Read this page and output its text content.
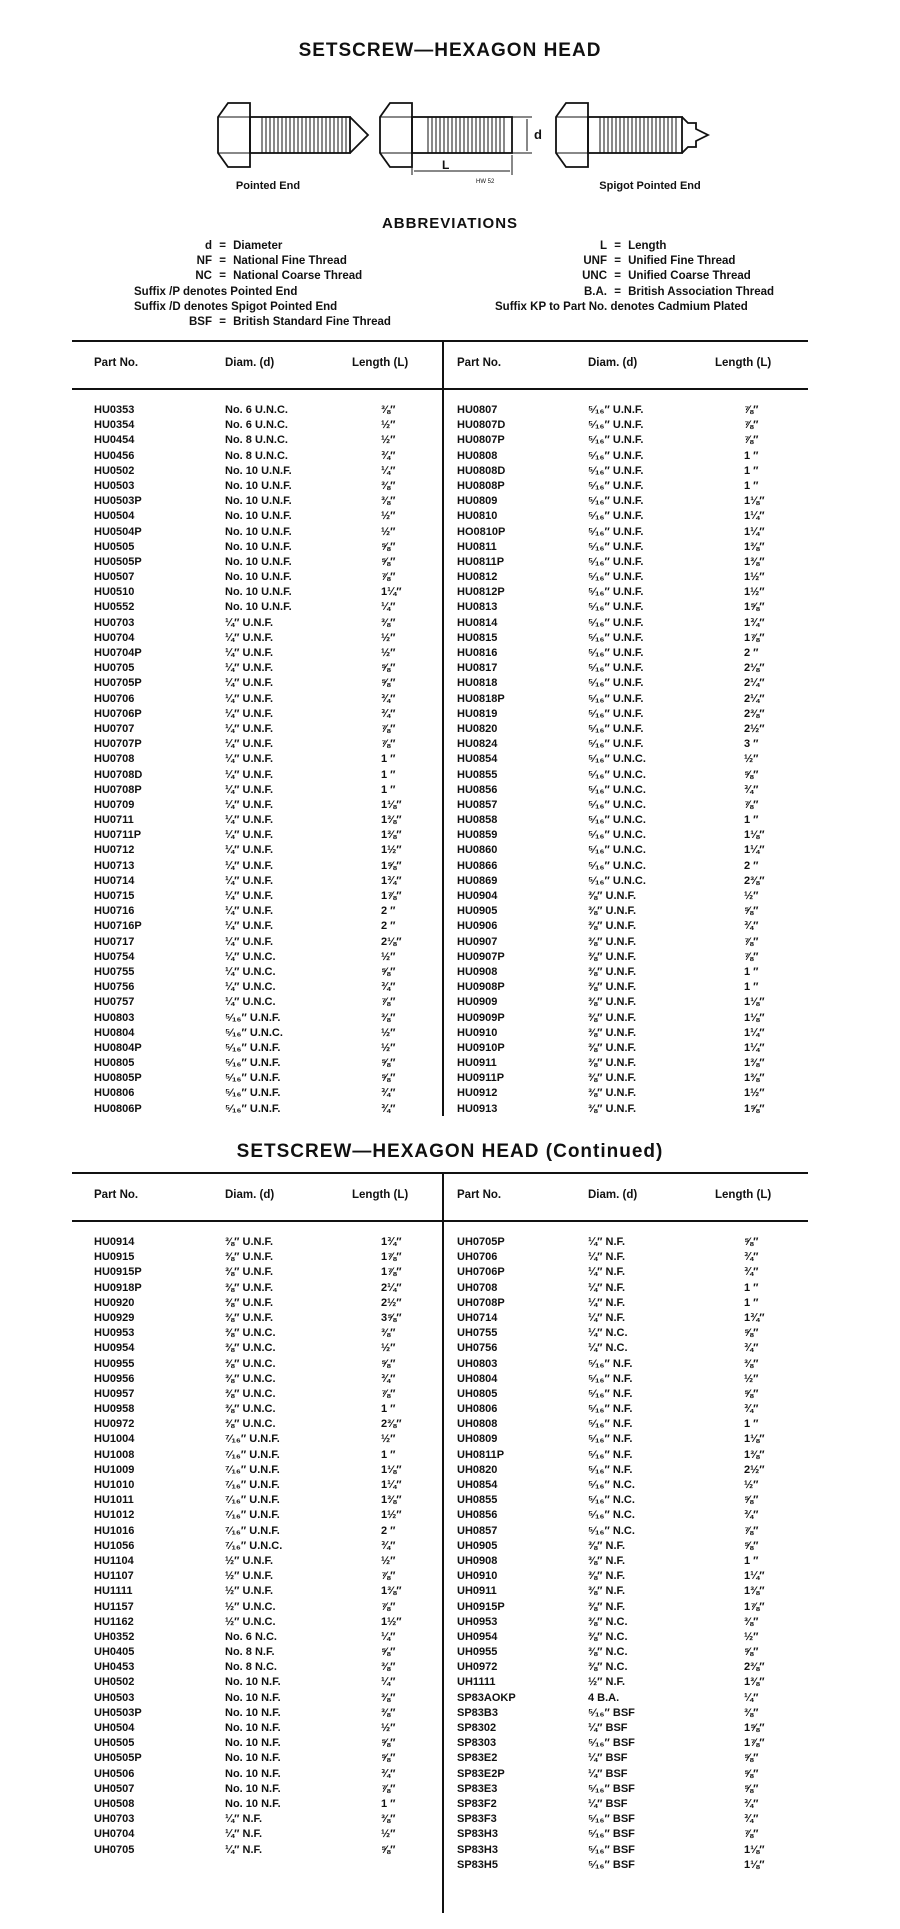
SETSCREW—HEXAGON HEAD
Pointed End
d
L
HW 52	Spigot Pointed End
ABBREVIATIONS
d = Diameter
NF = National Fine Thread
NC = National Coarse Thread
Suffix /P denotes Pointed End
Suffix /D denotes Spigot Pointed End
BSF = British Standard Fine Thread
L = Length
UNF = Unified Fine Thread
UNC = Unified Coarse Thread
B.A. = British Association Thread
Suffix KP to Part No. denotes Cadmium Plated
Part No.	Diam. (d)	Length (L)
HU0353	No. 6 U.N.C.	⅜″
HU0354	No. 6 U.N.C.	½″
HU0454	No. 8 U.N.C.	½″
HU0456	No. 8 U.N.C.	¾″
HU0502	No. 10 U.N.F.	¼″
HU0503	No. 10 U.N.F.	⅜″
HU0503P	No. 10 U.N.F.	⅜″
HU0504	No. 10 U.N.F.	½″
HU0504P	No. 10 U.N.F.	½″
HU0505	No. 10 U.N.F.	⅝″
HU0505P	No. 10 U.N.F.	⅝″
HU0507	No. 10 U.N.F.	⅞″
HU0510	No. 10 U.N.F.	1¼″
HU0552	No. 10 U.N.F.	¼″
HU0703	¼″ U.N.F.	⅜″
HU0704	¼″ U.N.F.	½″
HU0704P	¼″ U.N.F.	½″
HU0705	¼″ U.N.F.	⅝″
HU0705P	¼″ U.N.F.	⅝″
HU0706	¼″ U.N.F.	¾″
HU0706P	¼″ U.N.F.	¾″
HU0707	¼″ U.N.F.	⅞″
HU0707P	¼″ U.N.F.	⅞″
HU0708	¼″ U.N.F.	1 ″
HU0708D	¼″ U.N.F.	1 ″
HU0708P	¼″ U.N.F.	1 ″
HU0709	¼″ U.N.F.	1⅛″
HU0711	¼″ U.N.F.	1⅜″
HU0711P	¼″ U.N.F.	1⅜″
HU0712	¼″ U.N.F.	1½″
HU0713	¼″ U.N.F.	1⅝″
HU0714	¼″ U.N.F.	1¾″
HU0715	¼″ U.N.F.	1⅞″
HU0716	¼″ U.N.F.	2 ″
HU0716P	¼″ U.N.F.	2 ″
HU0717	¼″ U.N.F.	2⅛″
HU0754	¼″ U.N.C.	½″
HU0755	¼″ U.N.C.	⅝″
HU0756	¼″ U.N.C.	¾″
HU0757	¼″ U.N.C.	⅞″
HU0803	⁵⁄₁₆″ U.N.F.	⅜″
HU0804	⁵⁄₁₆″ U.N.C.	½″
HU0804P	⁵⁄₁₆″ U.N.F.	½″
HU0805	⁵⁄₁₆″ U.N.F.	⅝″
HU0805P	⁵⁄₁₆″ U.N.F.	⅝″
HU0806	⁵⁄₁₆″ U.N.F.	¾″
HU0806P	⁵⁄₁₆″ U.N.F.	¾″
Part No.	Diam. (d)	Length (L)
HU0807	⁵⁄₁₆″ U.N.F.	⅞″
HU0807D	⁵⁄₁₆″ U.N.F.	⅞″
HU0807P	⁵⁄₁₆″ U.N.F.	⅞″
HU0808	⁵⁄₁₆″ U.N.F.	1 ″
HU0808D	⁵⁄₁₆″ U.N.F.	1 ″
HU0808P	⁵⁄₁₆″ U.N.F.	1 ″
HU0809	⁵⁄₁₆″ U.N.F.	1⅛″
HU0810	⁵⁄₁₆″ U.N.F.	1¼″
HO0810P	⁵⁄₁₆″ U.N.F.	1¼″
HU0811	⁵⁄₁₆″ U.N.F.	1⅜″
HU0811P	⁵⁄₁₆″ U.N.F.	1⅜″
HU0812	⁵⁄₁₆″ U.N.F.	1½″
HU0812P	⁵⁄₁₆″ U.N.F.	1½″
HU0813	⁵⁄₁₆″ U.N.F.	1⅝″
HU0814	⁵⁄₁₆″ U.N.F.	1¾″
HU0815	⁵⁄₁₆″ U.N.F.	1⅞″
HU0816	⁵⁄₁₆″ U.N.F.	2 ″
HU0817	⁵⁄₁₆″ U.N.F.	2⅛″
HU0818	⁵⁄₁₆″ U.N.F.	2¼″
HU0818P	⁵⁄₁₆″ U.N.F.	2¼″
HU0819	⁵⁄₁₆″ U.N.F.	2⅜″
HU0820	⁵⁄₁₆″ U.N.F.	2½″
HU0824	⁵⁄₁₆″ U.N.F.	3 ″
HU0854	⁵⁄₁₆″ U.N.C.	½″
HU0855	⁵⁄₁₆″ U.N.C.	⅝″
HU0856	⁵⁄₁₆″ U.N.C.	¾″
HU0857	⁵⁄₁₆″ U.N.C.	⅞″
HU0858	⁵⁄₁₆″ U.N.C.	1 ″
HU0859	⁵⁄₁₆″ U.N.C.	1⅛″
HU0860	⁵⁄₁₆″ U.N.C.	1¼″
HU0866	⁵⁄₁₆″ U.N.C.	2 ″
HU0869	⁵⁄₁₆″ U.N.C.	2⅜″
HU0904	⅜″ U.N.F.	½″
HU0905	⅜″ U.N.F.	⅝″
HU0906	⅜″ U.N.F.	¾″
HU0907	⅜″ U.N.F.	⅞″
HU0907P	⅜″ U.N.F.	⅞″
HU0908	⅜″ U.N.F.	1 ″
HU0908P	⅜″ U.N.F.	1 ″
HU0909	⅜″ U.N.F.	1⅛″
HU0909P	⅜″ U.N.F.	1⅛″
HU0910	⅜″ U.N.F.	1¼″
HU0910P	⅜″ U.N.F.	1¼″
HU0911	⅜″ U.N.F.	1⅜″
HU0911P	⅜″ U.N.F.	1⅜″
HU0912	⅜″ U.N.F.	1½″
HU0913	⅜″ U.N.F.	1⅝″
SETSCREW—HEXAGON HEAD (Continued)
Part No.	Diam. (d)	Length (L)
HU0914	⅜″ U.N.F.	1¾″
HU0915	⅜″ U.N.F.	1⅞″
HU0915P	⅜″ U.N.F.	1⅞″
HU0918P	⅜″ U.N.F.	2¼″
HU0920	⅜″ U.N.F.	2½″
HU0929	⅜″ U.N.F.	3⅝″
HU0953	⅜″ U.N.C.	⅜″
HU0954	⅜″ U.N.C.	½″
HU0955	⅜″ U.N.C.	⅝″
HU0956	⅜″ U.N.C.	¾″
HU0957	⅜″ U.N.C.	⅞″
HU0958	⅜″ U.N.C.	1 ″
HU0972	⅜″ U.N.C.	2⅜″
HU1004	⁷⁄₁₆″ U.N.F.	½″
HU1008	⁷⁄₁₆″ U.N.F.	1 ″
HU1009	⁷⁄₁₆″ U.N.F.	1⅛″
HU1010	⁷⁄₁₆″ U.N.F.	1¼″
HU1011	⁷⁄₁₆″ U.N.F.	1⅜″
HU1012	⁷⁄₁₆″ U.N.F.	1½″
HU1016	⁷⁄₁₆″ U.N.F.	2 ″
HU1056	⁷⁄₁₆″ U.N.C.	¾″
HU1104	½″ U.N.F.	½″
HU1107	½″ U.N.F.	⅞″
HU1111	½″ U.N.F.	1⅜″
HU1157	½″ U.N.C.	⅞″
HU1162	½″ U.N.C.	1½″
UH0352	No. 6 N.C.	¼″
UH0405	No. 8 N.F.	⅝″
UH0453	No. 8 N.C.	⅜″
UH0502	No. 10 N.F.	¼″
UH0503	No. 10 N.F.	⅜″
UH0503P	No. 10 N.F.	⅜″
UH0504	No. 10 N.F.	½″
UH0505	No. 10 N.F.	⅝″
UH0505P	No. 10 N.F.	⅝″
UH0506	No. 10 N.F.	¾″
UH0507	No. 10 N.F.	⅞″
UH0508	No. 10 N.F.	1 ″
UH0703	¼″ N.F.	⅜″
UH0704	¼″ N.F.	½″
UH0705	¼″ N.F.	⅝″
Part No.	Diam. (d)	Length (L)
UH0705P	¼″ N.F.	⅝″
UH0706	¼″ N.F.	¾″
UH0706P	¼″ N.F.	¾″
UH0708	¼″ N.F.	1 ″
UH0708P	¼″ N.F.	1 ″
UH0714	¼″ N.F.	1¾″
UH0755	¼″ N.C.	⅝″
UH0756	¼″ N.C.	¾″
UH0803	⁵⁄₁₆″ N.F.	⅜″
UH0804	⁵⁄₁₆″ N.F.	½″
UH0805	⁵⁄₁₆″ N.F.	⅝″
UH0806	⁵⁄₁₆″ N.F.	¾″
UH0808	⁵⁄₁₆″ N.F.	1 ″
UH0809	⁵⁄₁₆″ N.F.	1⅛″
UH0811P	⁵⁄₁₆″ N.F.	1⅜″
UH0820	⁵⁄₁₆″ N.F.	2½″
UH0854	⁵⁄₁₆″ N.C.	½″
UH0855	⁵⁄₁₆″ N.C.	⅝″
UH0856	⁵⁄₁₆″ N.C.	¾″
UH0857	⁵⁄₁₆″ N.C.	⅞″
UH0905	⅜″ N.F.	⅝″
UH0908	⅜″ N.F.	1 ″
UH0910	⅜″ N.F.	1¼″
UH0911	⅜″ N.F.	1⅜″
UH0915P	⅜″ N.F.	1⅞″
UH0953	⅜″ N.C.	⅜″
UH0954	⅜″ N.C.	½″
UH0955	⅜″ N.C.	⅝″
UH0972	⅜″ N.C.	2⅜″
UH1111	½″ N.F.	1⅜″
SP83AOKP	4 B.A.	¼″
SP83B3	⁵⁄₁₆″ BSF	⅜″
SP8302	¼″ BSF	1⅝″
SP8303	⁵⁄₁₆″ BSF	1⅞″
SP83E2	¼″ BSF	⅝″
SP83E2P	¼″ BSF	⅝″
SP83E3	⁵⁄₁₆″ BSF	⅝″
SP83F2	¼″ BSF	¾″
SP83F3	⁵⁄₁₆″ BSF	¾″
SP83H3	⁵⁄₁₆″ BSF	⅞″
SP83H3	⁵⁄₁₆″ BSF	1⅛″
SP83H5	⁵⁄₁₆″ BSF	1⅛″
